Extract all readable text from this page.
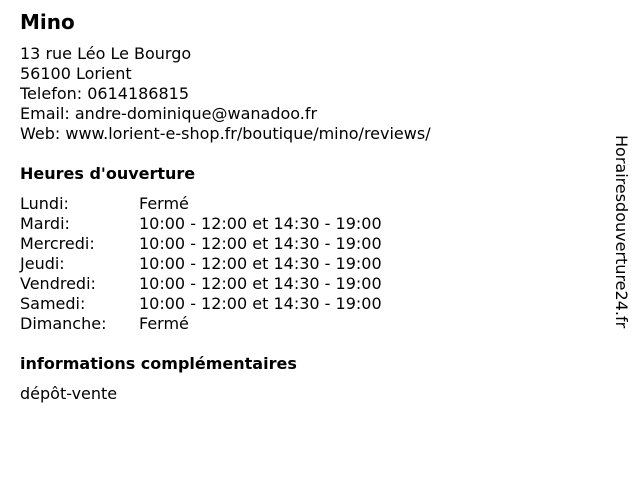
Mino
13 rue Léo Le Bourgo
56100 Lorient
Telefon: 0614186815
Email: andre-dominique@wanadoo.fr
Web: www.lorient-e-shop.fr/boutique/mino/reviews/
Heures d'ouverture
Lundi:	Fermé
Mardi:	10:00 - 12:00 et 14:30 - 19:00
Mercredi:	10:00 - 12:00 et 14:30 - 19:00
Jeudi:	10:00 - 12:00 et 14:30 - 19:00
Vendredi:	10:00 - 12:00 et 14:30 - 19:00
Samedi:	10:00 - 12:00 et 14:30 - 19:00
Dimanche: Fermé
informations complémentaires
dépôt-vente
Horairesdouverture24.fr
